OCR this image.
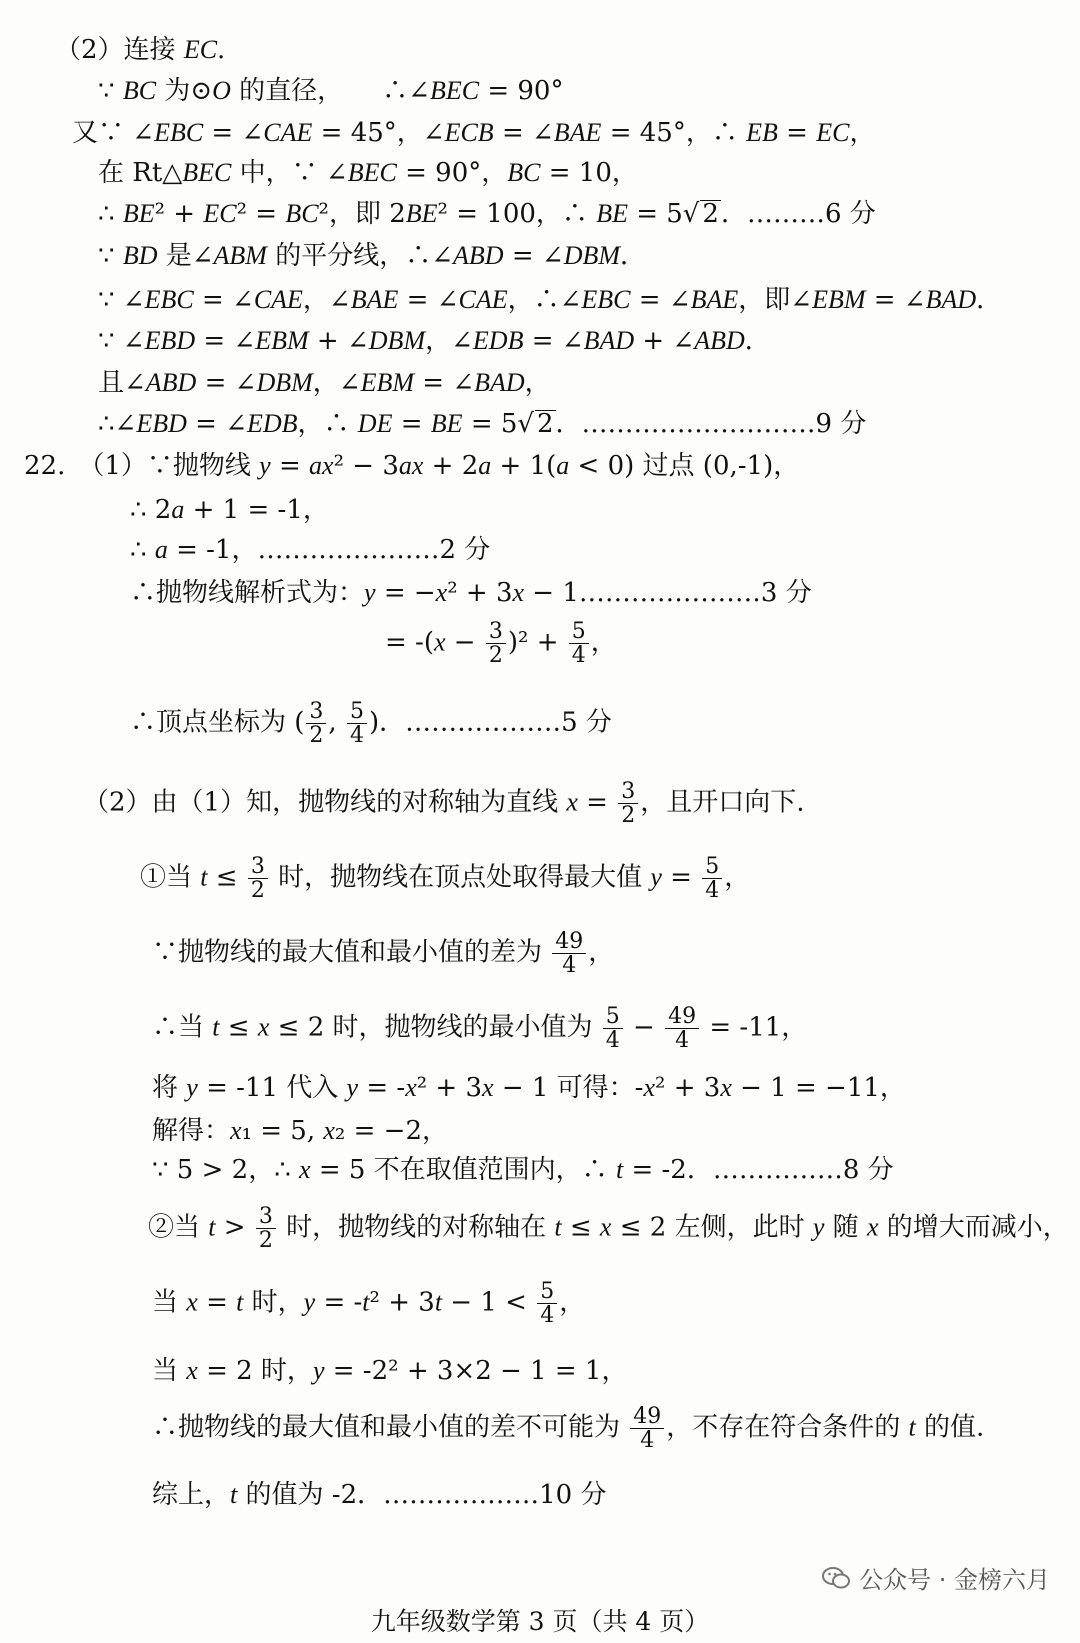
（2）连接 EC.
∵ BC 为⊙O 的直径，　　∴∠BEC = 90°
又∵ ∠EBC = ∠CAE = 45°，∠ECB = ∠BAE = 45°，∴ EB = EC，
在 Rt△BEC 中，∵ ∠BEC = 90°，BC = 10，
∴ BE² + EC² = BC²，即 2BE² = 100，∴ BE = 5√ 2．………6 分
∵ BD 是∠ABM 的平分线，∴∠ABD = ∠DBM．
∵ ∠EBC = ∠CAE，∠BAE = ∠CAE，∴∠EBC = ∠BAE，即∠EBM = ∠BAD．
∵ ∠EBD = ∠EBM + ∠DBM，∠EDB = ∠BAD + ∠ABD．
且∠ABD = ∠DBM，∠EBM = ∠BAD，
∴∠EBD = ∠EDB，∴ DE = BE = 5√ 2．………………………9 分
22.　（1）∵抛物线 y = ax² − 3ax + 2a + 1(a < 0) 过点 (0,-1)，
∴ 2a + 1 = -1，
∴ a = -1，…………………2 分
∴抛物线解析式为：y = −x² + 3x − 1…………………3 分
= $-(x - \frac{3}{2} )^2 + \frac{5}{4}$ ，
∴顶点坐标为 ( $\frac{3}{2}$ , $\frac{5}{4}$ )．………………5 分
（2）由（1）知，抛物线的对称轴为直线 $x = \frac{3}{2}$ ，且开口向下.
①当 $t \le \frac{3}{2}$ 时，抛物线在顶点处取得最大值 $y = \frac{5}{4}$ ，
∵抛物线的最大值和最小值的差为 $\frac{49}{4}$ ，
∴当 t ≤ x ≤ 2 时，抛物线的最小值为 $\frac{5}{4} - \frac{49}{4} = -11$，
将 y = -11 代入 y = -x² + 3x − 1 可得：-x² + 3x − 1 = −11，
解得：x₁ = 5, x₂ = −2，
∵ 5 > 2，∴ x = 5 不在取值范围内，∴ t = -2．……………8 分
②当 $t > \frac{3}{2}$ 时，抛物线的对称轴在 t ≤ x ≤ 2 左侧，此时 y 随 x 的增大而减小，
当 x = t 时，$y = -t^2 + 3t - 1 < \frac{5}{4}$ ，
当 x = 2 时，y = -2² + 3×2 − 1 = 1，
∴抛物线的最大值和最小值的差不可能为 $\frac{49}{4}$ ，不存在符合条件的 t 的值.
综上，t 的值为 -2．………………10 分
公众号 · 金榜六月
九年级数学第 3 页（共 4 页）
